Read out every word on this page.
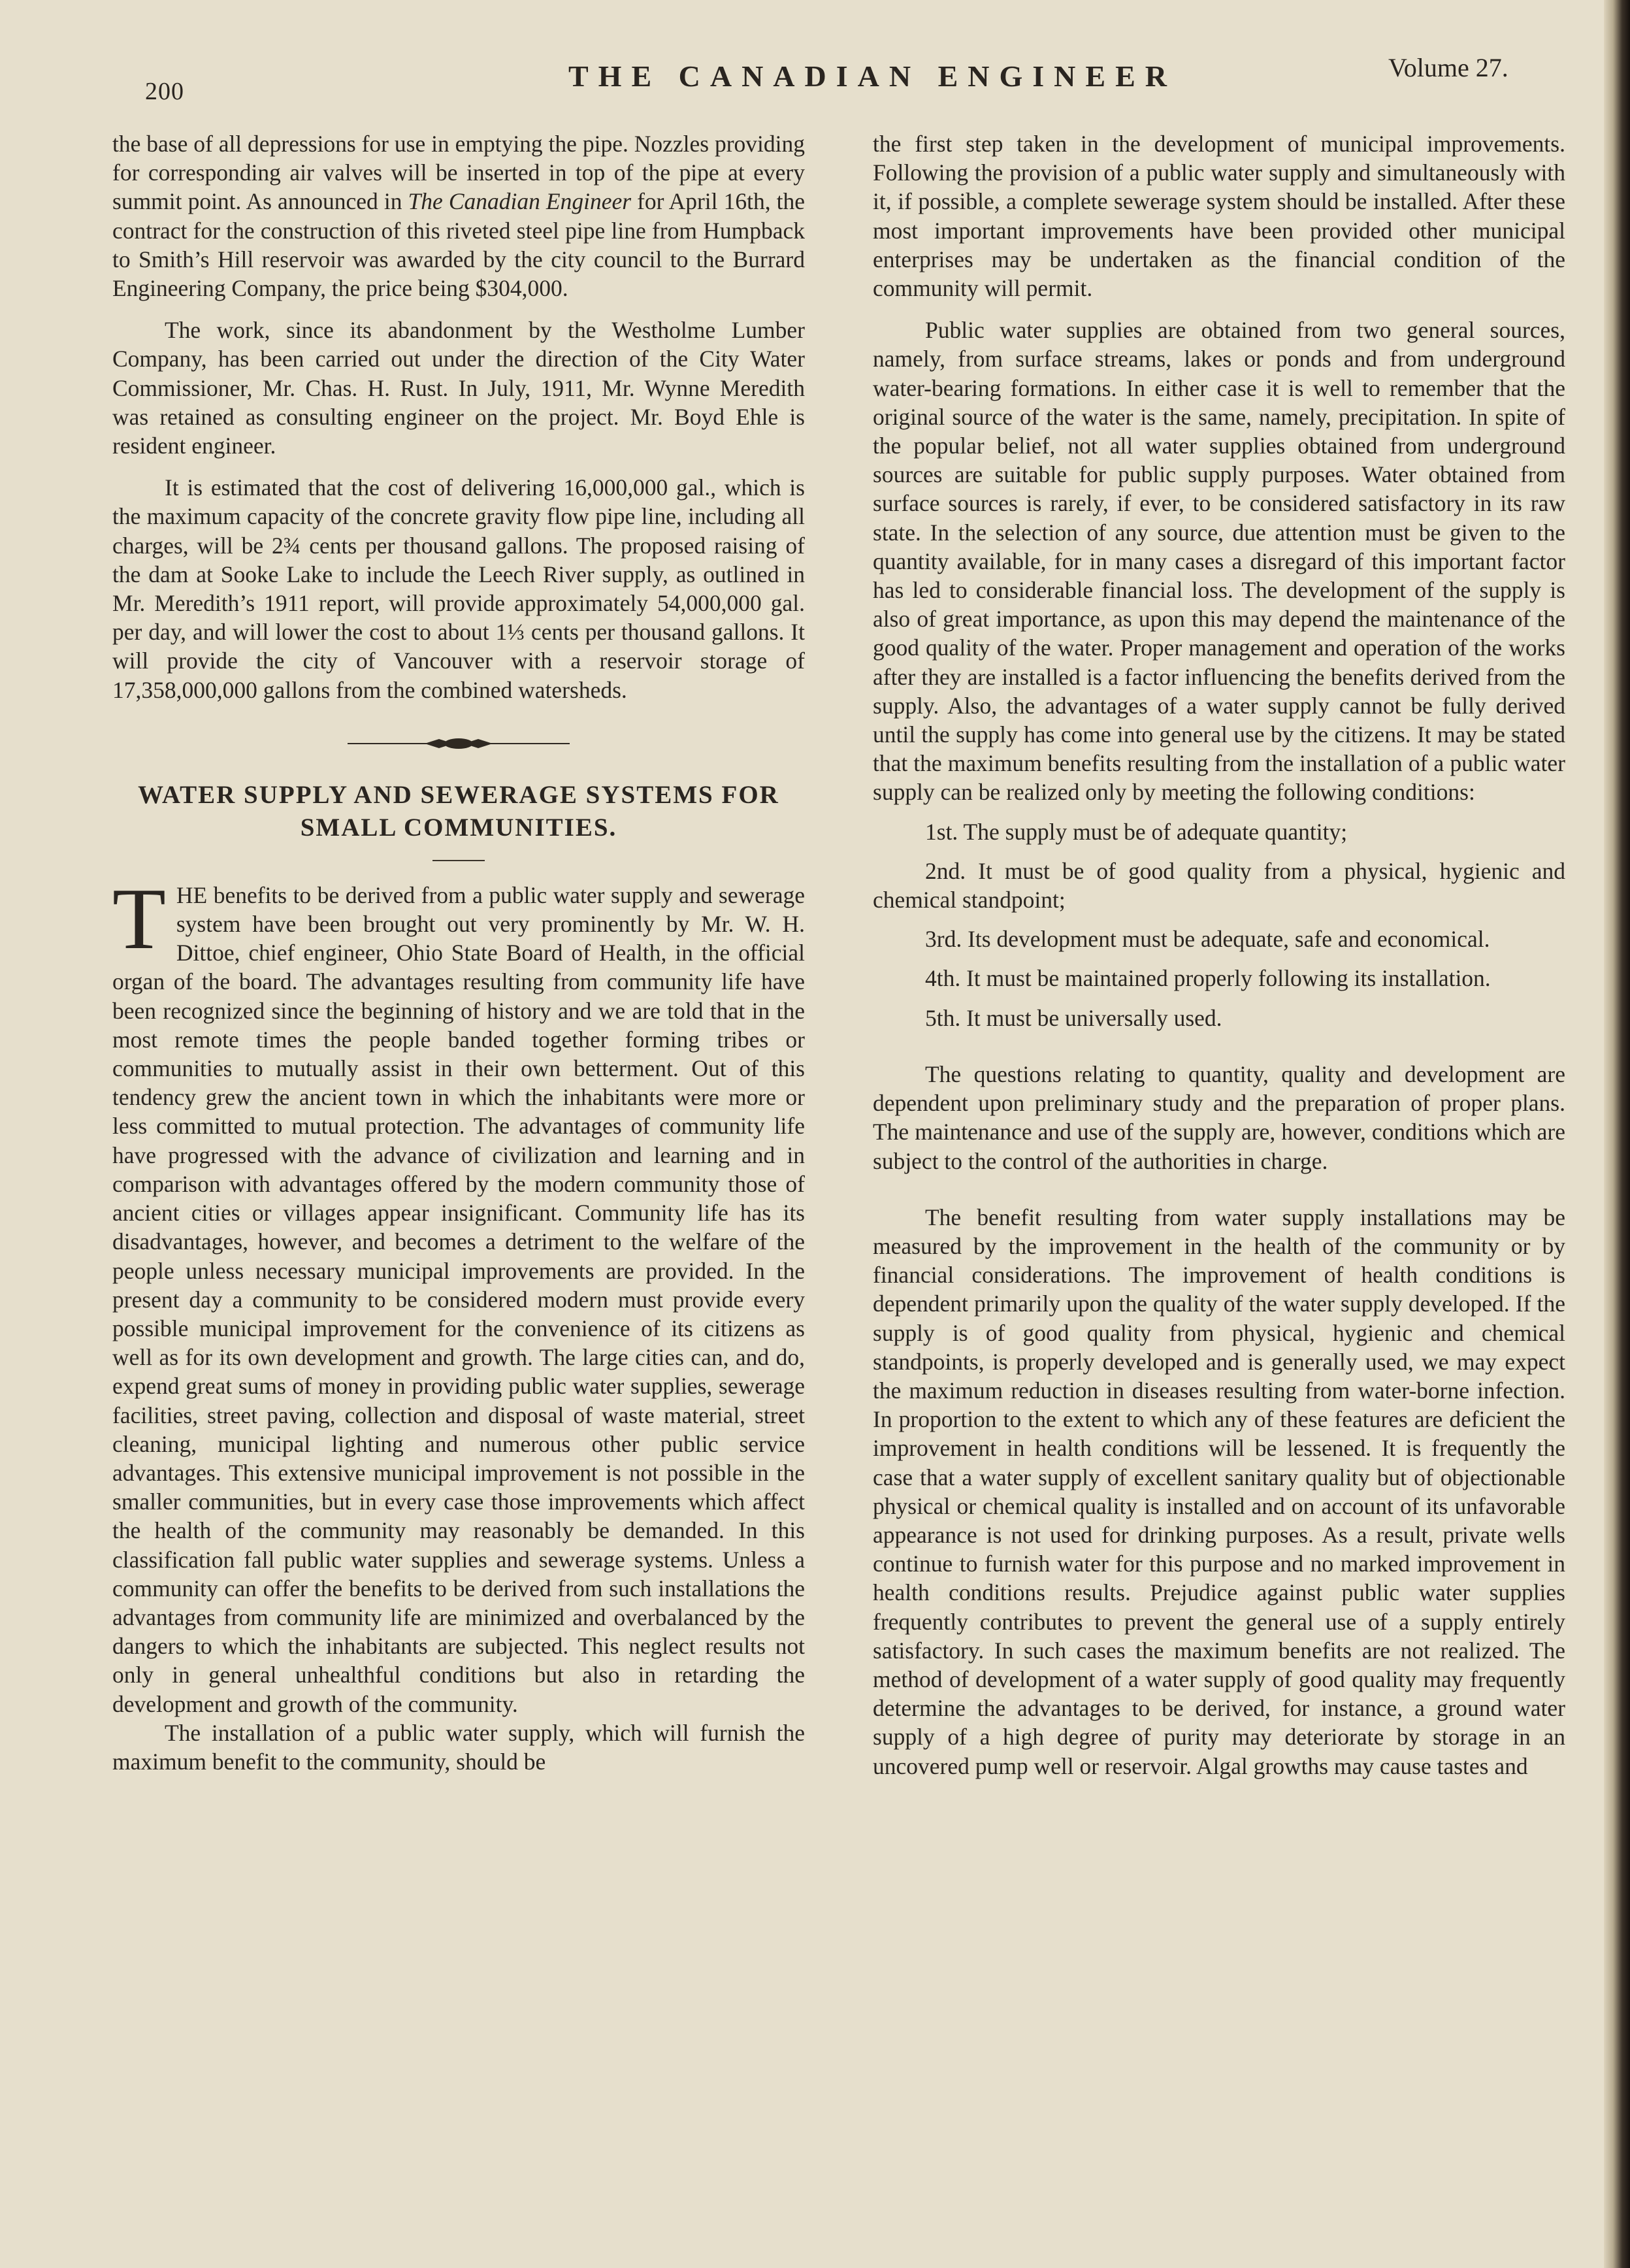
200	THE CANADIAN ENGINEER	Volume 27.

the base of all depressions for use in emptying the pipe. Nozzles providing for corresponding air valves will be inserted in top of the pipe at every summit point. As announced in The Canadian Engineer for April 16th, the contract for the construction of this riveted steel pipe line from Humpback to Smith’s Hill reservoir was awarded by the city council to the Burrard Engineering Company, the price being $304,000.

The work, since its abandonment by the Westholme Lumber Company, has been carried out under the direction of the City Water Commissioner, Mr. Chas. H. Rust. In July, 1911, Mr. Wynne Meredith was retained as consulting engineer on the project. Mr. Boyd Ehle is resident engineer.

It is estimated that the cost of delivering 16,000,000 gal., which is the maximum capacity of the concrete gravity flow pipe line, including all charges, will be 2¾ cents per thousand gallons. The proposed raising of the dam at Sooke Lake to include the Leech River supply, as outlined in Mr. Meredith’s 1911 report, will provide approximately 54,000,000 gal. per day, and will lower the cost to about 1⅓ cents per thousand gallons. It will provide the city of Vancouver with a reservoir storage of 17,358,000,000 gallons from the combined watersheds.

WATER SUPPLY AND SEWERAGE SYSTEMS FOR
SMALL COMMUNITIES.

THE benefits to be derived from a public water supply and sewerage system have been brought out very prominently by Mr. W. H. Dittoe, chief engineer, Ohio State Board of Health, in the official organ of the board. The advantages resulting from community life have been recognized since the beginning of history and we are told that in the most remote times the people banded together forming tribes or communities to mutually assist in their own betterment. Out of this tendency grew the ancient town in which the inhabitants were more or less committed to mutual protection. The advantages of community life have progressed with the advance of civilization and learning and in comparison with advantages offered by the modern community those of ancient cities or villages appear insignificant. Community life has its disadvantages, however, and becomes a detriment to the welfare of the people unless necessary municipal improvements are provided. In the present day a community to be considered modern must provide every possible municipal improvement for the convenience of its citizens as well as for its own development and growth. The large cities can, and do, expend great sums of money in providing public water supplies, sewerage facilities, street paving, collection and disposal of waste material, street cleaning, municipal lighting and numerous other public service advantages. This extensive municipal improvement is not possible in the smaller communities, but in every case those improvements which affect the health of the community may reasonably be demanded. In this classification fall public water supplies and sewerage systems. Unless a community can offer the benefits to be derived from such installations the advantages from community life are minimized and overbalanced by the dangers to which the inhabitants are subjected. This neglect results not only in general unhealthful conditions but also in retarding the development and growth of the community.

The installation of a public water supply, which will furnish the maximum benefit to the community, should be

the first step taken in the development of municipal improvements. Following the provision of a public water supply and simultaneously with it, if possible, a complete sewerage system should be installed. After these most important improvements have been provided other municipal enterprises may be undertaken as the financial condition of the community will permit.

Public water supplies are obtained from two general sources, namely, from surface streams, lakes or ponds and from underground water-bearing formations. In either case it is well to remember that the original source of the water is the same, namely, precipitation. In spite of the popular belief, not all water supplies obtained from underground sources are suitable for public supply purposes. Water obtained from surface sources is rarely, if ever, to be considered satisfactory in its raw state. In the selection of any source, due attention must be given to the quantity available, for in many cases a disregard of this important factor has led to considerable financial loss. The development of the supply is also of great importance, as upon this may depend the maintenance of the good quality of the water. Proper management and operation of the works after they are installed is a factor influencing the benefits derived from the supply. Also, the advantages of a water supply cannot be fully derived until the supply has come into general use by the citizens. It may be stated that the maximum benefits resulting from the installation of a public water supply can be realized only by meeting the following conditions:

1st. The supply must be of adequate quantity;

2nd. It must be of good quality from a physical, hygienic and chemical standpoint;

3rd. Its development must be adequate, safe and economical.

4th. It must be maintained properly following its installation.

5th. It must be universally used.

The questions relating to quantity, quality and development are dependent upon preliminary study and the preparation of proper plans. The maintenance and use of the supply are, however, conditions which are subject to the control of the authorities in charge.

The benefit resulting from water supply installations may be measured by the improvement in the health of the community or by financial considerations. The improvement of health conditions is dependent primarily upon the quality of the water supply developed. If the supply is of good quality from physical, hygienic and chemical standpoints, is properly developed and is generally used, we may expect the maximum reduction in diseases resulting from water-borne infection. In proportion to the extent to which any of these features are deficient the improvement in health conditions will be lessened. It is frequently the case that a water supply of excellent sanitary quality but of objectionable physical or chemical quality is installed and on account of its unfavorable appearance is not used for drinking purposes. As a result, private wells continue to furnish water for this purpose and no marked improvement in health conditions results. Prejudice against public water supplies frequently contributes to prevent the general use of a supply entirely satisfactory. In such cases the maximum benefits are not realized. The method of development of a water supply of good quality may frequently determine the advantages to be derived, for instance, a ground water supply of a high degree of purity may deteriorate by storage in an uncovered pump well or reservoir. Algal growths may cause tastes and
